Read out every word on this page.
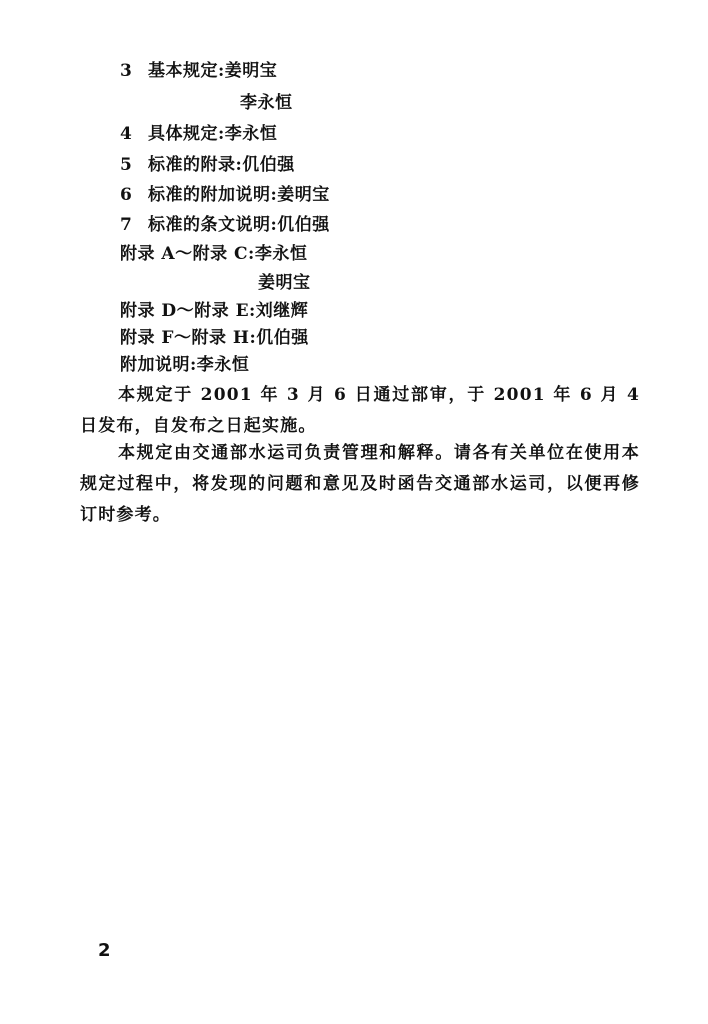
3 基本规定:姜明宝
李永恒
4 具体规定:李永恒
5 标准的附录:仉伯强
6 标准的附加说明:姜明宝
7 标准的条文说明:仉伯强
附录 A～附录 C:李永恒
姜明宝
附录 D～附录 E:刘继辉
附录 F～附录 H:仉伯强
附加说明:李永恒
本规定于 2001 年 3 月 6 日通过部审，于 2001 年 6 月 4 日发布，自发布之日起实施。
本规定由交通部水运司负责管理和解释。请各有关单位在使用本规定过程中，将发现的问题和意见及时函告交通部水运司，以便再修订时参考。
2
